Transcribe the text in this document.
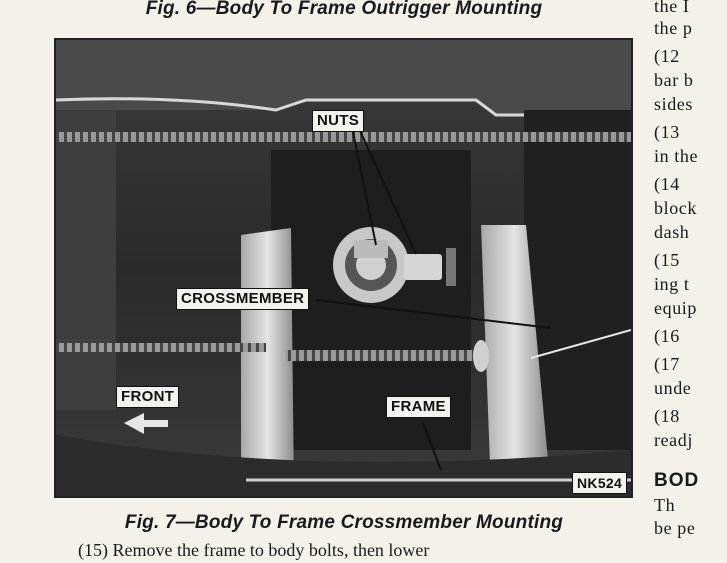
Fig. 6—Body To Frame Outrigger Mounting
NUTS
CROSSMEMBER
FRAME
FRONT
NK524
Fig. 7—Body To Frame Crossmember Mounting
(15) Remove the frame to body bolts, then lower
the I
the p
(12
bar b
sides
(13
in the
(14
block
dash
(15
ing t
equip
(16
(17
unde
(18
readj
BOD
Th
be pe
